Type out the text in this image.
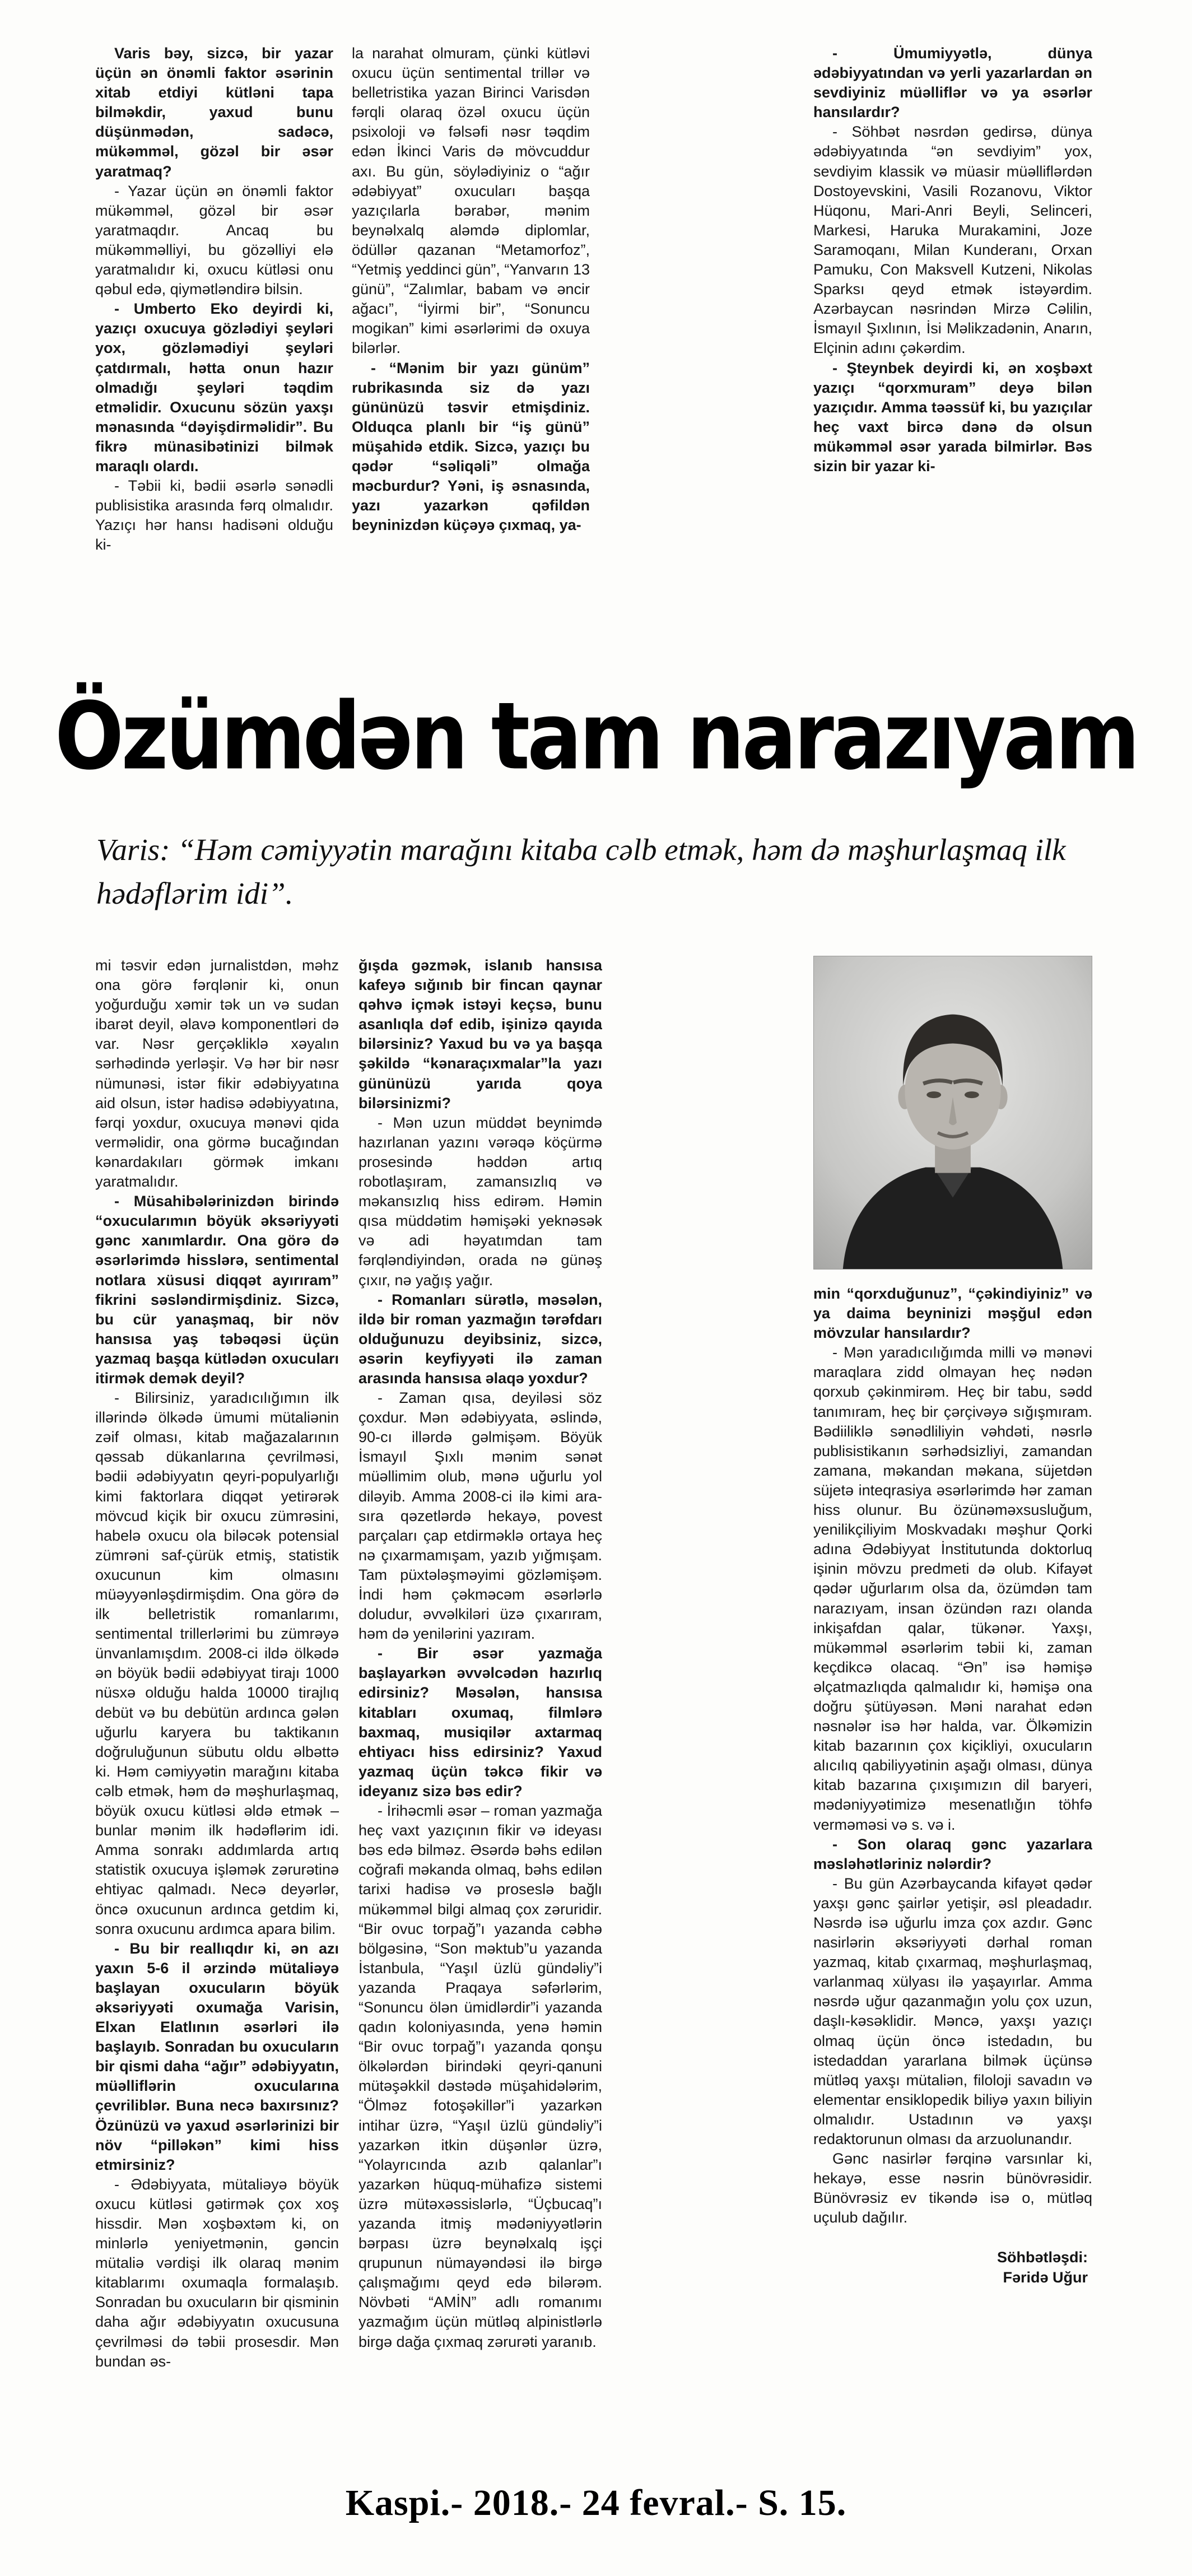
Varis bəy, sizcə, bir yazar üçün ən önəmli faktor əsərinin xitab etdiyi kütləni tapa bilməkdir, yaxud bunu düşünmədən, sadəcə, mükəmməl, gözəl bir əsər yaratmaq?

- Yazar üçün ən önəmli faktor mükəmməl, gözəl bir əsər yaratmaqdır. Ancaq bu mükəmməlliyi, bu gözəlliyi elə yaratmalıdır ki, oxucu kütləsi onu qəbul edə, qiymətləndirə bilsin.

- Umberto Eko deyirdi ki, yazıçı oxucuya gözlədiyi şeyləri yox, gözləmədiyi şeyləri çatdırmalı, hətta onun hazır olmadığı şeyləri təqdim etməlidir. Oxucunu sözün yaxşı mənasında “dəyişdirməlidir”. Bu fikrə münasibətinizi bilmək maraqlı olardı.

- Təbii ki, bədii əsərlə sənədli publisistika arasında fərq olmalıdır. Yazıçı hər hansı hadisəni olduğu ki-

la narahat olmuram, çünki kütləvi oxucu üçün sentimental trillər və belletristika yazan Birinci Varisdən fərqli olaraq özəl oxucu üçün psixoloji və fəlsəfi nəsr təqdim edən İkinci Varis də mövcuddur axı. Bu gün, söylədiyiniz o “ağır ədəbiyyat” oxucuları başqa yazıçılarla bərabər, mənim beynəlxalq aləmdə diplomlar, ödüllər qazanan “Metamorfoz”, “Yetmiş yeddinci gün”, “Yanvarın 13 günü”, “Zalımlar, babam və əncir ağacı”, “İyirmi bir”, “Sonuncu mogikan” kimi əsərlərimi də oxuya bilərlər.

- “Mənim bir yazı günüm” rubrikasında siz də yazı gününüzü təsvir etmişdiniz. Olduqca planlı bir “iş günü” müşahidə etdik. Sizcə, yazıçı bu qədər “səliqəli” olmağa məcburdur? Yəni, iş əsnasında, yazı yazarkən qəfildən beyninizdən küçəyə çıxmaq, ya-

- Ümumiyyətlə, dünya ədəbiyyatından və yerli yazarlardan ən sevdiyiniz müəlliflər və ya əsərlər hansılardır?

- Söhbət nəsrdən gedirsə, dünya ədəbiyyatında “ən sevdiyim” yox, sevdiyim klassik və müasir müəlliflərdən Dostoyevskini, Vasili Rozanovu, Viktor Hüqonu, Mari-Anri Beyli, Selinceri, Markesi, Haruka Murakamini, Joze Saramoqanı, Milan Kunderanı, Orxan Pamuku, Con Maksvell Kutzeni, Nikolas Sparksı qeyd etmək istəyərdim. Azərbaycan nəsrindən Mirzə Cəlilin, İsmayıl Şıxlının, İsi Məlikzadənin, Anarın, Elçinin adını çəkərdim.

- Şteynbek deyirdi ki, ən xoşbəxt yazıçı “qorxmuram” deyə bilən yazıçıdır. Amma təəssüf ki, bu yazıçılar heç vaxt bircə dənə də olsun mükəmməl əsər yarada bilmirlər. Bəs sizin bir yazar ki-

Özümdən tam narazıyam
Varis: “Həm cəmiyyətin marağını kitaba cəlb etmək, həm də məşhurlaşmaq ilk hədəflərim idi”.

mi təsvir edən jurnalistdən, məhz ona görə fərqlənir ki, onun yoğurduğu xəmir tək un və sudan ibarət deyil, əlavə komponentləri də var. Nəsr gerçəkliklə xəyalın sərhədində yerləşir. Və hər bir nəsr nümunəsi, istər fikir ədəbiyyatına aid olsun, istər hadisə ədəbiyyatına, fərqi yoxdur, oxucuya mənəvi qida verməlidir, ona görmə bucağından kənardakıları görmək imkanı yaratmalıdır.

- Müsahibələrinizdən birində “oxucularımın böyük əksəriyyəti gənc xanımlardır. Ona görə də əsərlərimdə hisslərə, sentimental notlara xüsusi diqqət ayırıram” fikrini səsləndirmişdiniz. Sizcə, bu cür yanaşmaq, bir növ hansısa yaş təbəqəsi üçün yazmaq başqa kütlədən oxucuları itirmək demək deyil?

- Bilirsiniz, yaradıcılığımın ilk illərində ölkədə ümumi mütaliənin zəif olması, kitab mağazalarının qəssab dükanlarına çevrilməsi, bədii ədəbiyyatın qeyri-populyarlığı kimi faktorlara diqqət yetirərək mövcud kiçik bir oxucu zümrəsini, habelə oxucu ola biləcək potensial zümrəni saf-çürük etmiş, statistik oxucunun kim olmasını müəyyənləşdirmişdim. Ona görə də ilk belletristik romanlarımı, sentimental trillerlərimi bu zümrəyə ünvanlamışdım. 2008-ci ildə ölkədə ən böyük bədii ədəbiyyat tirajı 1000 nüsxə olduğu halda 10000 tirajlıq debüt və bu debütün ardınca gələn uğurlu karyera bu taktikanın doğruluğunun sübutu oldu əlbəttə ki. Həm cəmiyyətin marağını kitaba cəlb etmək, həm də məşhurlaşmaq, böyük oxucu kütləsi əldə etmək – bunlar mənim ilk hədəflərim idi. Amma sonrakı addımlarda artıq statistik oxucuya işləmək zərurətinə ehtiyac qalmadı. Necə deyərlər, öncə oxucunun ardınca getdim ki, sonra oxucunu ardımca apara bilim.

- Bu bir reallıqdır ki, ən azı yaxın 5-6 il ərzində mütaliəyə başlayan oxucuların böyük əksəriyyəti oxumağa Varisin, Elxan Elatlının əsərləri ilə başlayıb. Sonradan bu oxucuların bir qismi daha “ağır” ədəbiyyatın, müəlliflərin oxucularına çevriliblər. Buna necə baxırsınız? Özünüzü və yaxud əsərlərinizi bir növ “pilləkən” kimi hiss etmirsiniz?

- Ədəbiyyata, mütaliəyə böyük oxucu kütləsi gətirmək çox xoş hissdir. Mən xoşbəxtəm ki, on minlərlə yeniyetmənin, gəncin mütaliə vərdişi ilk olaraq mənim kitablarımı oxumaqla formalaşıb. Sonradan bu oxucuların bir qisminin daha ağır ədəbiyyatın oxucusuna çevrilməsi də təbii prosesdir. Mən bundan əs-

ğışda gəzmək, islanıb hansısa kafeyə sığınıb bir fincan qaynar qəhvə içmək istəyi keçsə, bunu asanlıqla dəf edib, işinizə qayıda bilərsiniz? Yaxud bu və ya başqa şəkildə “kənaraçıxmalar”la yazı gününüzü yarıda qoya bilərsinizmi?

- Mən uzun müddət beynimdə hazırlanan yazını vərəqə köçürmə prosesində həddən artıq robotlaşıram, zamansızlıq və məkansızlıq hiss edirəm. Həmin qısa müddətim həmişəki yeknəsək və adi həyatımdan tam fərqləndiyindən, orada nə günəş çıxır, nə yağış yağır.

- Romanları sürətlə, məsələn, ildə bir roman yazmağın tərəfdarı olduğunuzu deyibsiniz, sizcə, əsərin keyfiyyəti ilə zaman arasında hansısa əlaqə yoxdur?

- Zaman qısa, deyiləsi söz çoxdur. Mən ədəbiyyata, əslində, 90-cı illərdə gəlmişəm. Böyük İsmayıl Şıxlı mənim sənət müəllimim olub, mənə uğurlu yol diləyib. Amma 2008-ci ilə kimi ara-sıra qəzetlərdə hekayə, povest parçaları çap etdirməklə ortaya heç nə çıxarmamışam, yazıb yığmışam. Tam püxtələşməyimi gözləmişəm. İndi həm çəkməcəm əsərlərlə doludur, əvvəlkiləri üzə çıxarıram, həm də yenilərini yazıram.

- Bir əsər yazmağa başlayarkən əvvəlcədən hazırlıq edirsiniz? Məsələn, hansısa kitabları oxumaq, filmlərə baxmaq, musiqilər axtarmaq ehtiyacı hiss edirsiniz? Yaxud yazmaq üçün təkcə fikir və ideyanız sizə bəs edir?

- İrihəcmli əsər – roman yazmağa heç vaxt yazıçının fikir və ideyası bəs edə bilməz. Əsərdə bəhs edilən coğrafi məkanda olmaq, bəhs edilən tarixi hadisə və proseslə bağlı mükəmməl bilgi almaq çox zəruridir. “Bir ovuc torpağ”ı yazanda cəbhə bölgəsinə, “Son məktub”u yazanda İstanbula, “Yaşıl üzlü gündəliy”i yazanda Praqaya səfərlərim, “Sonuncu ölən ümidlərdir”i yazanda qadın koloniyasında, yenə həmin “Bir ovuc torpağ”ı yazanda qonşu ölkələrdən birindəki qeyri-qanuni mütəşəkkil dəstədə müşahidələrim, “Ölməz fotoşəkillər”i yazarkən intihar üzrə, “Yaşıl üzlü gündəliy”i yazarkən itkin düşənlər üzrə, “Yolayrıcında azıb qalanlar”ı yazarkən hüquq-mühafizə sistemi üzrə mütəxəssislərlə, “Üçbucaq”ı yazanda itmiş mədəniyyətlərin bərpası üzrə beynəlxalq işçi qrupunun nümayəndəsi ilə birgə çalışmağımı qeyd edə bilərəm. Növbəti “AMİN” adlı romanımı yazmağım üçün mütləq alpinistlərlə birgə dağa çıxmaq zərurəti yaranıb.

min “qorxduğunuz”, “çəkindiyiniz” və ya daima beyninizi məşğul edən mövzular hansılardır?

- Mən yaradıcılığımda milli və mənəvi maraqlara zidd olmayan heç nədən qorxub çəkinmirəm. Heç bir tabu, sədd tanımıram, heç bir çərçivəyə sığışmıram. Bədiiliklə sənədliliyin vəhdəti, nəsrlə publisistikanın sərhədsizliyi, zamandan zamana, məkandan məkana, süjetdən süjetə inteqrasiya əsərlərimdə hər zaman hiss olunur. Bu özünəməxsusluğum, yenilikçiliyim Moskvadakı məşhur Qorki adına Ədəbiyyat İnstitutunda doktorluq işinin mövzu predmeti də olub. Kifayət qədər uğurlarım olsa da, özümdən tam narazıyam, insan özündən razı olanda inkişafdan qalar, tükənər. Yaxşı, mükəmməl əsərlərim təbii ki, zaman keçdikcə olacaq. “Ən” isə həmişə əlçatmazlıqda qalmalıdır ki, həmişə ona doğru şütüyəsən. Məni narahat edən nəsnələr isə hər halda, var. Ölkəmizin kitab bazarının çox kiçikliyi, oxucuların alıcılıq qabiliyyətinin aşağı olması, dünya kitab bazarına çıxışımızın dil baryeri, mədəniyyətimizə mesenatlığın töhfə verməməsi və s. və i.

- Son olaraq gənc yazarlara məsləhətləriniz nələrdir?

- Bu gün Azərbaycanda kifayət qədər yaxşı gənc şairlər yetişir, əsl pleadadır. Nəsrdə isə uğurlu imza çox azdır. Gənc nasirlərin əksəriyyəti dərhal roman yazmaq, kitab çıxarmaq, məşhurlaşmaq, varlanmaq xülyası ilə yaşayırlar. Amma nəsrdə uğur qazanmağın yolu çox uzun, daşlı-kəsəklidir. Məncə, yaxşı yazıçı olmaq üçün öncə istedadın, bu istedaddan yararlana bilmək üçünsə mütləq yaxşı mütaliən, filoloji savadın və elementar ensiklopedik biliyə yaxın biliyin olmalıdır. Ustadının və yaxşı redaktorunun olması da arzuolunandır.

Gənc nasirlər fərqinə varsınlar ki, hekayə, esse nəsrin bünövrəsidir. Bünövrəsiz ev tikəndə isə o, mütləq uçulub dağılır.

Söhbətləşdi:
Fəridə Uğur
Kaspi.- 2018.- 24 fevral.- S. 15.
